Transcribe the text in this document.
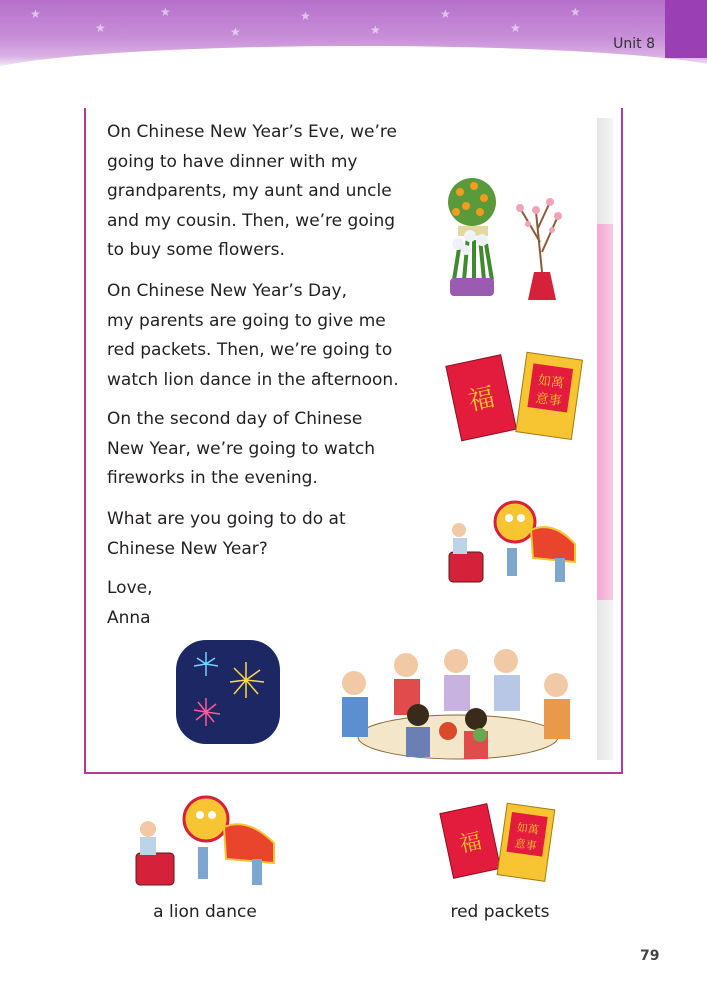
★
★
★
★
★
★
★
★
★
Unit 8
On Chinese New Year’s Eve, we’re
going to have dinner with my
grandparents, my aunt and uncle
and my cousin. Then, we’re going
to buy some flowers.
On Chinese New Year’s Day,
my parents are going to give me
red packets. Then, we’re going to
watch lion dance in the afternoon.
On the second day of Chinese
New Year, we’re going to watch
fireworks in the evening.
What are you going to do at
Chinese New Year?
Love,
Anna
福	如萬
意事
a lion dance
福	如萬
意事
red packets
79
